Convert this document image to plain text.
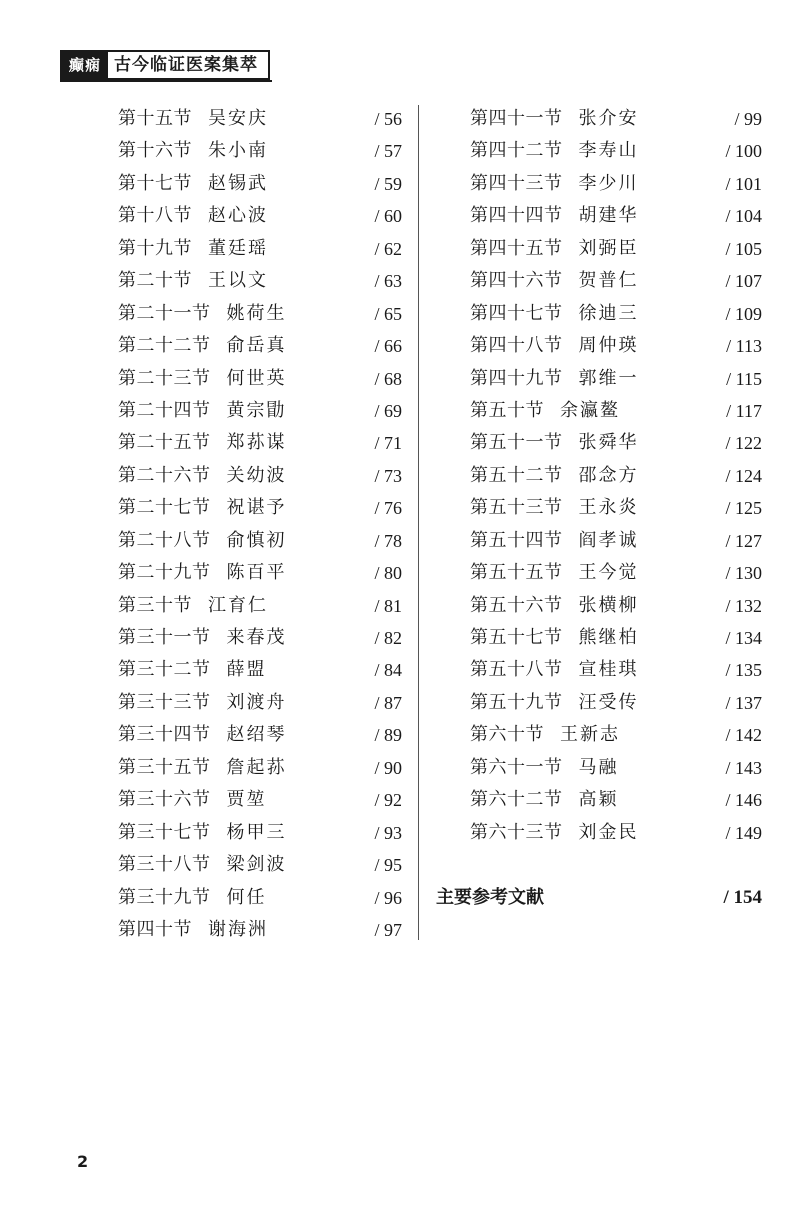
癫痫 古今临证医案集萃
第十五节 吴安庆	/ 56
第十六节 朱小南	/ 57
第十七节 赵锡武	/ 59
第十八节 赵心波	/ 60
第十九节 董廷瑶	/ 62
第二十节 王以文	/ 63
第二十一节 姚荷生	/ 65
第二十二节 俞岳真	/ 66
第二十三节 何世英	/ 68
第二十四节 黄宗勖	/ 69
第二十五节 郑荪谋	/ 71
第二十六节 关幼波	/ 73
第二十七节 祝谌予	/ 76
第二十八节 俞慎初	/ 78
第二十九节 陈百平	/ 80
第三十节 江育仁	/ 81
第三十一节 来春茂	/ 82
第三十二节 薛盟	/ 84
第三十三节 刘渡舟	/ 87
第三十四节 赵绍琴	/ 89
第三十五节 詹起荪	/ 90
第三十六节 贾堃	/ 92
第三十七节 杨甲三	/ 93
第三十八节 梁剑波	/ 95
第三十九节 何任	/ 96
第四十节 谢海洲	/ 97
第四十一节 张介安	/ 99
第四十二节 李寿山	/ 100
第四十三节 李少川	/ 101
第四十四节 胡建华	/ 104
第四十五节 刘弼臣	/ 105
第四十六节 贺普仁	/ 107
第四十七节 徐迪三	/ 109
第四十八节 周仲瑛	/ 113
第四十九节 郭维一	/ 115
第五十节 余瀛鳌	/ 117
第五十一节 张舜华	/ 122
第五十二节 邵念方	/ 124
第五十三节 王永炎	/ 125
第五十四节 阎孝诚	/ 127
第五十五节 王今觉	/ 130
第五十六节 张横柳	/ 132
第五十七节 熊继柏	/ 134
第五十八节 宣桂琪	/ 135
第五十九节 汪受传	/ 137
第六十节 王新志	/ 142
第六十一节 马融	/ 143
第六十二节 高颖	/ 146
第六十三节 刘金民	/ 149
主要参考文献	/ 154
2
